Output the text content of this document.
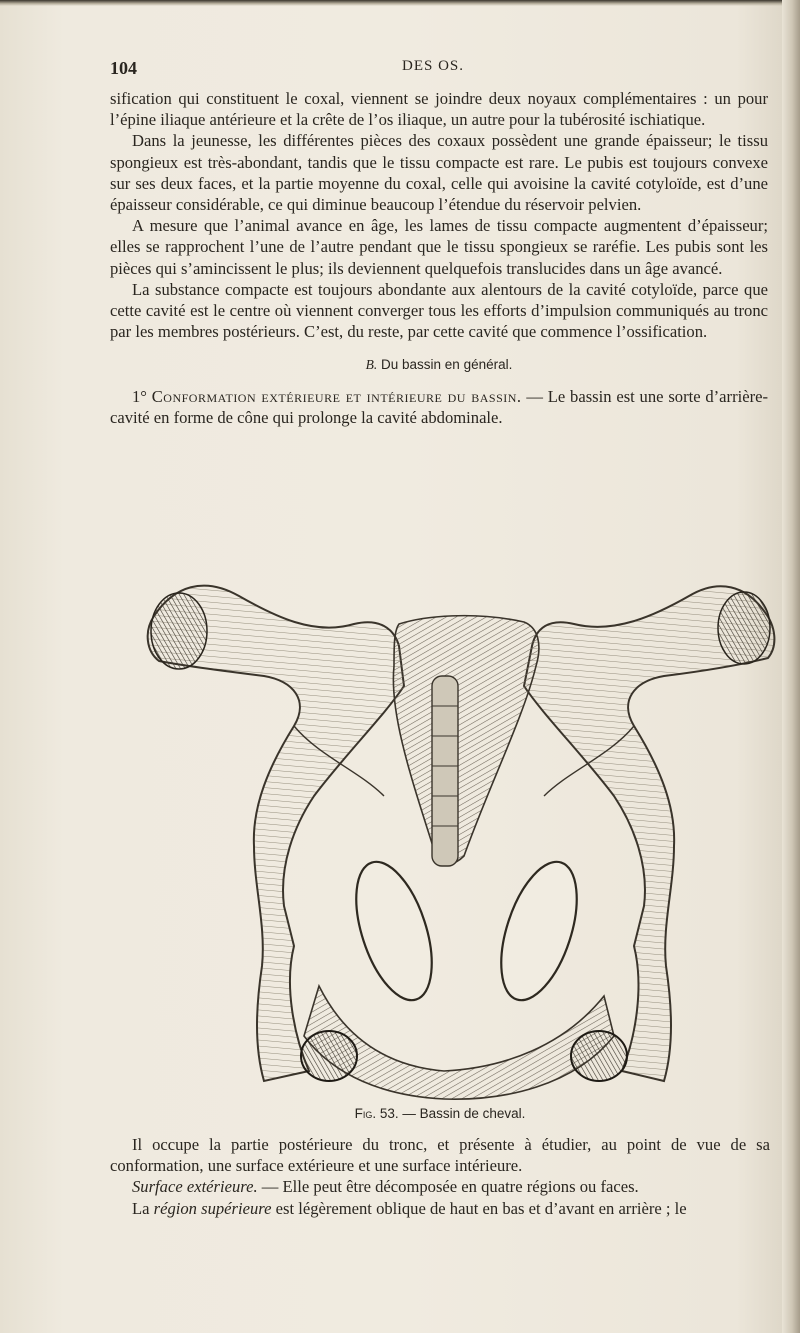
104	DES OS.

sification qui constituent le coxal, viennent se joindre deux noyaux complémentaires : un pour l’épine iliaque antérieure et la crête de l’os iliaque, un autre pour la tubérosité ischiatique.

Dans la jeunesse, les différentes pièces des coxaux possèdent une grande épaisseur; le tissu spongieux est très-abondant, tandis que le tissu compacte est rare. Le pubis est toujours convexe sur ses deux faces, et la partie moyenne du coxal, celle qui avoisine la cavité cotyloïde, est d’une épaisseur considérable, ce qui diminue beaucoup l’étendue du réservoir pelvien.

A mesure que l’animal avance en âge, les lames de tissu compacte augmentent d’épaisseur; elles se rapprochent l’une de l’autre pendant que le tissu spongieux se raréfie. Les pubis sont les pièces qui s’amincissent le plus; ils deviennent quelquefois translucides dans un âge avancé.

La substance compacte est toujours abondante aux alentours de la cavité cotyloïde, parce que cette cavité est le centre où viennent converger tous les efforts d’impulsion communiqués au tronc par les membres postérieurs. C’est, du reste, par cette cavité que commence l’ossification.

B. Du bassin en général.

1° Conformation extérieure et intérieure du bassin. — Le bassin est une sorte d’arrière-cavité en forme de cône qui prolonge la cavité abdominale.

Fig. 53. — Bassin de cheval.

Il occupe la partie postérieure du tronc, et présente à étudier, au point de vue de sa conformation, une surface extérieure et une surface intérieure.

Surface extérieure. — Elle peut être décomposée en quatre régions ou faces.

La région supérieure est légèrement oblique de haut en bas et d’avant en arrière ; le
